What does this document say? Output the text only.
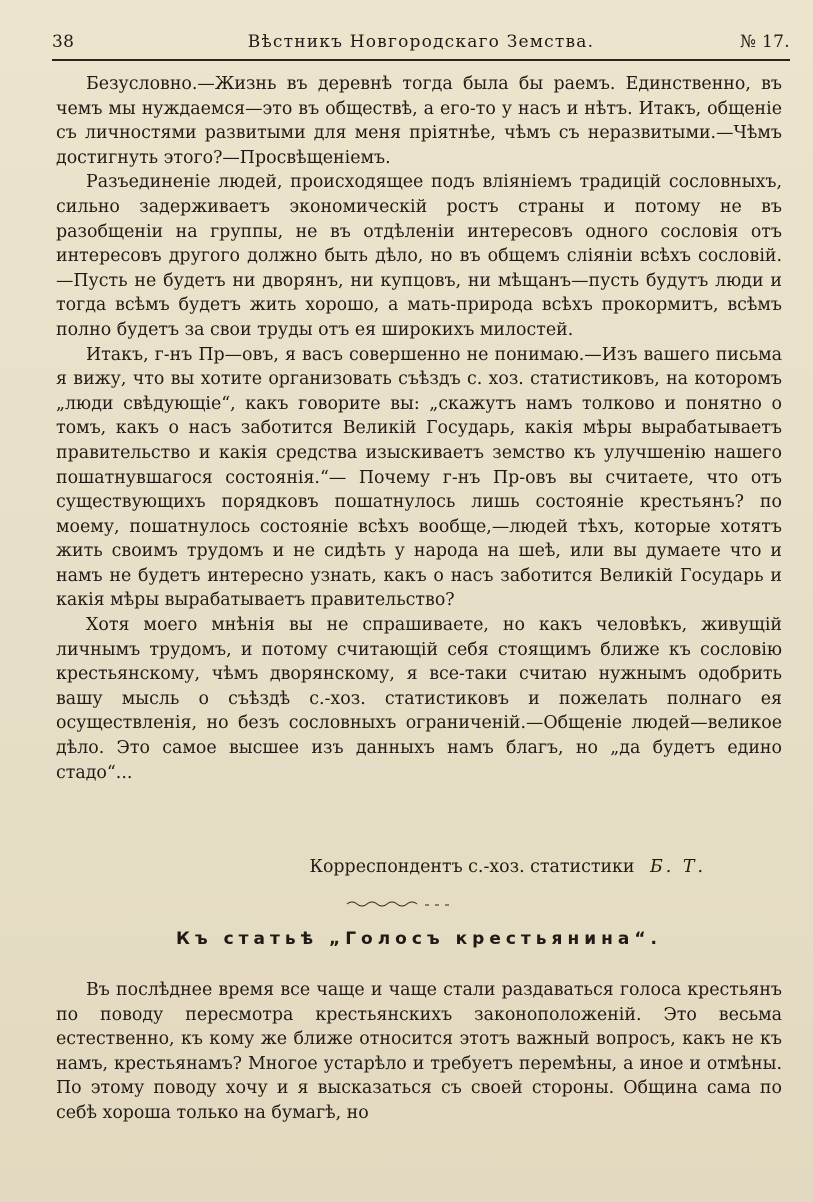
38	Вѣстникъ Новгородскаго Земства.	№ 17.

Безусловно.—Жизнь въ деревнѣ тогда была бы раемъ. Единственно, въ чемъ мы нуждаемся—это въ обществѣ, а его-то у насъ и нѣтъ. Итакъ, общеніе съ личностями развитыми для меня пріятнѣе, чѣмъ съ неразвитыми.—Чѣмъ достигнуть этого?—Просвѣщеніемъ.

Разъединеніе людей, происходящее подъ вліяніемъ традицій сословныхъ, сильно задерживаетъ экономическій ростъ страны и потому не въ разобщеніи на группы, не въ отдѣленіи интересовъ одного сословія отъ интересовъ другого должно быть дѣло, но въ общемъ сліяніи всѣхъ сословій.—Пусть не будетъ ни дворянъ, ни купцовъ, ни мѣщанъ—пусть будутъ люди и тогда всѣмъ будетъ жить хорошо, а мать-природа всѣхъ прокормитъ, всѣмъ полно будетъ за свои труды отъ ея широкихъ милостей.

Итакъ, г-нъ Пр—овъ, я васъ совершенно не понимаю.—Изъ вашего письма я вижу, что вы хотите организовать съѣздъ с. хоз. статистиковъ, на которомъ „люди свѣдующіе“, какъ говорите вы: „скажутъ намъ толково и понятно о томъ, какъ о насъ заботится Великій Государь, какія мѣры вырабатываетъ правительство и какія средства изыскиваетъ земство къ улучшенію нашего пошатнувшагося состоянія.“— Почему г-нъ Пр-овъ вы считаете, что отъ существующихъ порядковъ пошатнулось лишь состояніе крестьянъ? по моему, пошатнулось состояніе всѣхъ вообще,—людей тѣхъ, которые хотятъ жить своимъ трудомъ и не сидѣть у народа на шеѣ, или вы думаете что и намъ не будетъ интересно узнать, какъ о насъ заботится Великій Государь и какія мѣры вырабатываетъ правительство?

Хотя моего мнѣнія вы не спрашиваете, но какъ человѣкъ, живущій личнымъ трудомъ, и потому считающій себя стоящимъ ближе къ сословію крестьянскому, чѣмъ дворянскому, я все-таки считаю нужнымъ одобрить вашу мысль о съѣздѣ с.-хоз. статистиковъ и пожелать полнаго ея осуществленія, но безъ сословныхъ ограниченій.—Общеніе людей—великое дѣло. Это самое высшее изъ данныхъ намъ благъ, но „да будетъ едино стадо“...

Корреспондентъ с.-хоз. статистики Б. Т.
Къ статьѣ „Голосъ крестьянина“.

Въ послѣднее время все чаще и чаще стали раздаваться голоса крестьянъ по поводу пересмотра крестьянскихъ законоположеній. Это весьма естественно, къ кому же ближе относится этотъ важный вопросъ, какъ не къ намъ, крестьянамъ? Многое устарѣло и требуетъ перемѣны, а иное и отмѣны. По этому поводу хочу и я высказаться съ своей стороны. Община сама по себѣ хороша только на бумагѣ, но
